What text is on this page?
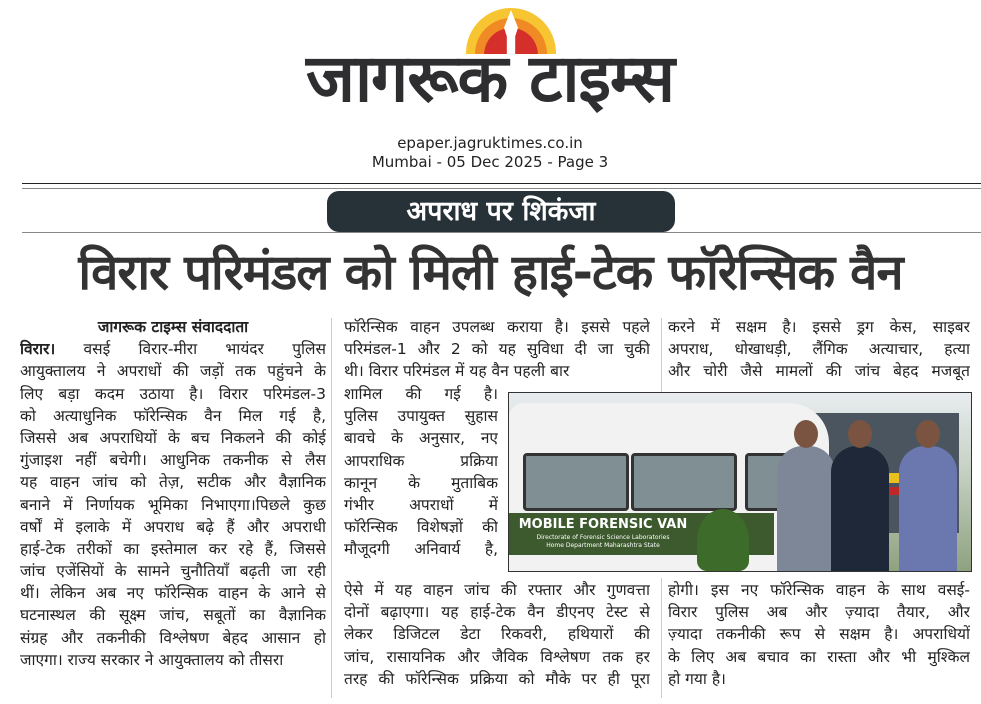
जागरूक टाइम्स
epaper.jagruktimes.co.in
Mumbai - 05 Dec 2025 - Page 3
अपराध पर शिकंजा
विरार परिमंडल को मिली हाई-टेक फॉरेन्सिक वैन
जागरूक टाइम्स संवाददाता
विरार। वसई विरार-मीरा भायंदर पुलिस
आयुक्तालय ने अपराधों की जड़ों तक पहुंचने के
लिए बड़ा कदम उठाया है। विरार परिमंडल-3
को अत्याधुनिक फॉरेन्सिक वैन मिल गई है,
जिससे अब अपराधियों के बच निकलने की कोई
गुंजाइश नहीं बचेगी। आधुनिक तकनीक से लैस
यह वाहन जांच को तेज़, सटीक और वैज्ञानिक
बनाने में निर्णायक भूमिका निभाएगा।पिछले कुछ
वर्षों में इलाके में अपराध बढ़े हैं और अपराधी
हाई-टेक तरीकों का इस्तेमाल कर रहे हैं, जिससे
जांच एजेंसियों के सामने चुनौतियाँ बढ़ती जा रही
थीं। लेकिन अब नए फॉरेन्सिक वाहन के आने से
घटनास्थल की सूक्ष्म जांच, सबूतों का वैज्ञानिक
संग्रह और तकनीकी विश्लेषण बेहद आसान हो
जाएगा। राज्य सरकार ने आयुक्तालय को तीसरा
फॉरेन्सिक वाहन उपलब्ध कराया है। इससे पहले
परिमंडल-1 और 2 को यह सुविधा दी जा चुकी
थी। विरार परिमंडल में यह वैन पहली बार
शामिल की गई है।
पुलिस उपायुक्त सुहास
बावचे के अनुसार, नए
आपराधिक प्रक्रिया
कानून के मुताबिक
गंभीर अपराधों में
फॉरेन्सिक विशेषज्ञों की
मौजूदगी अनिवार्य है,
ऐसे में यह वाहन जांच की रफ्तार और गुणवत्ता
दोनों बढ़ाएगा। यह हाई-टेक वैन डीएनए टेस्ट से
लेकर डिजिटल डेटा रिकवरी, हथियारों की
जांच, रासायनिक और जैविक विश्लेषण तक हर
तरह की फॉरेन्सिक प्रक्रिया को मौके पर ही पूरा
करने में सक्षम है। इससे ड्रग केस, साइबर
अपराध, धोखाधड़ी, लैंगिक अत्याचार, हत्या
और चोरी जैसे मामलों की जांच बेहद मजबूत
होगी। इस नए फॉरेन्सिक वाहन के साथ वसई-
विरार पुलिस अब और ज़्यादा तैयार, और
ज़्यादा तकनीकी रूप से सक्षम है। अपराधियों
के लिए अब बचाव का रास्ता और भी मुश्किल
हो गया है।
MOBILE FORENSIC VAN
Directorate of Forensic Science Laboratories
Home Department Maharashtra State
